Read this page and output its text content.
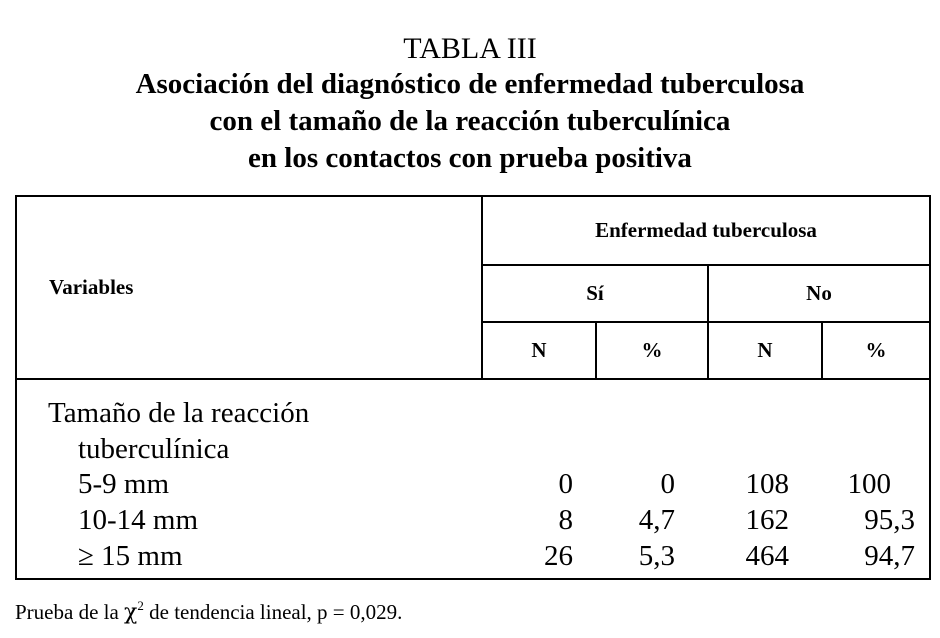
TABLA III
Asociación del diagnóstico de enfermedad tuberculosa
con el tamaño de la reacción tuberculínica
en los contactos con prueba positiva
Variables
Enfermedad tuberculosa
Sí	No
N	%	N	%
Tamaño de la reacción
tuberculínica
5-9 mm	0	0	108	100
10-14 mm	8	4,7	162	95,3
≥ 15 mm	26	5,3	464	94,7
Prueba de la $\chi^2$ de tendencia lineal, p = 0,029.
